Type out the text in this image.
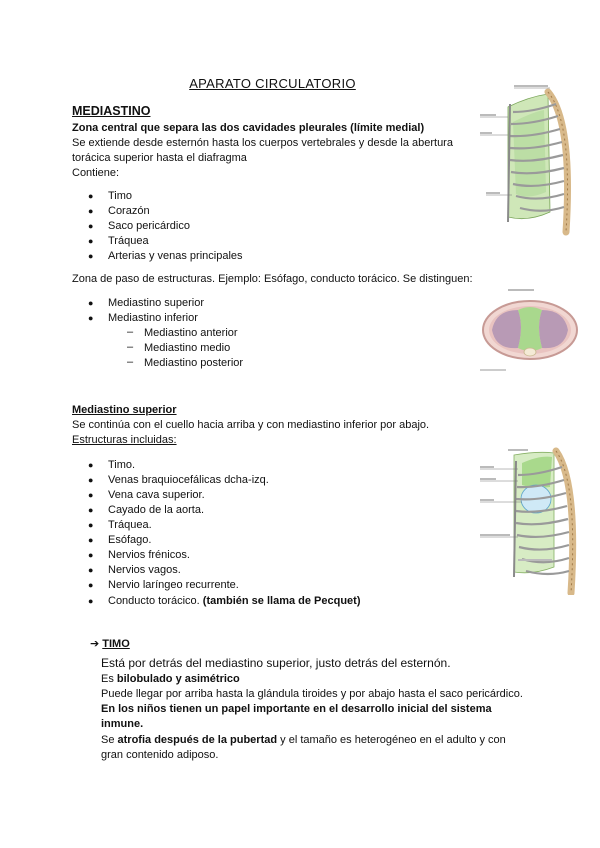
APARATO CIRCULATORIO
MEDIASTINO
Zona central que separa las dos cavidades pleurales (límite medial)
Se extiende desde esternón hasta los cuerpos vertebrales y desde la abertura
torácica superior hasta el diafragma
Contiene:
● Timo
● Corazón
● Saco pericárdico
● Tráquea
● Arterias y venas principales
Zona de paso de estructuras. Ejemplo: Esófago, conducto torácico. Se distinguen:
● Mediastino superior
● Mediastino inferior
– Mediastino anterior
– Mediastino medio
– Mediastino posterior
Mediastino superior
Se continúa con el cuello hacia arriba y con mediastino inferior por abajo.
Estructuras incluidas:
● Timo.
● Venas braquiocefálicas dcha-izq.
● Vena cava superior.
● Cayado de la aorta.
● Tráquea.
● Esófago.
● Nervios frénicos.
● Nervios vagos.
● Nervio laríngeo recurrente.
● Conducto torácico. (también se llama de Pecquet)
➔ TIMO
Está por detrás del mediastino superior, justo detrás del esternón.
Es bilobulado y asimétrico
Puede llegar por arriba hasta la glándula tiroides y por abajo hasta el saco pericárdico.
En los niños tienen un papel importante en el desarrollo inicial del sistema
inmune.
Se atrofia después de la pubertad y el tamaño es heterogéneo en el adulto y con
gran contenido adiposo.
